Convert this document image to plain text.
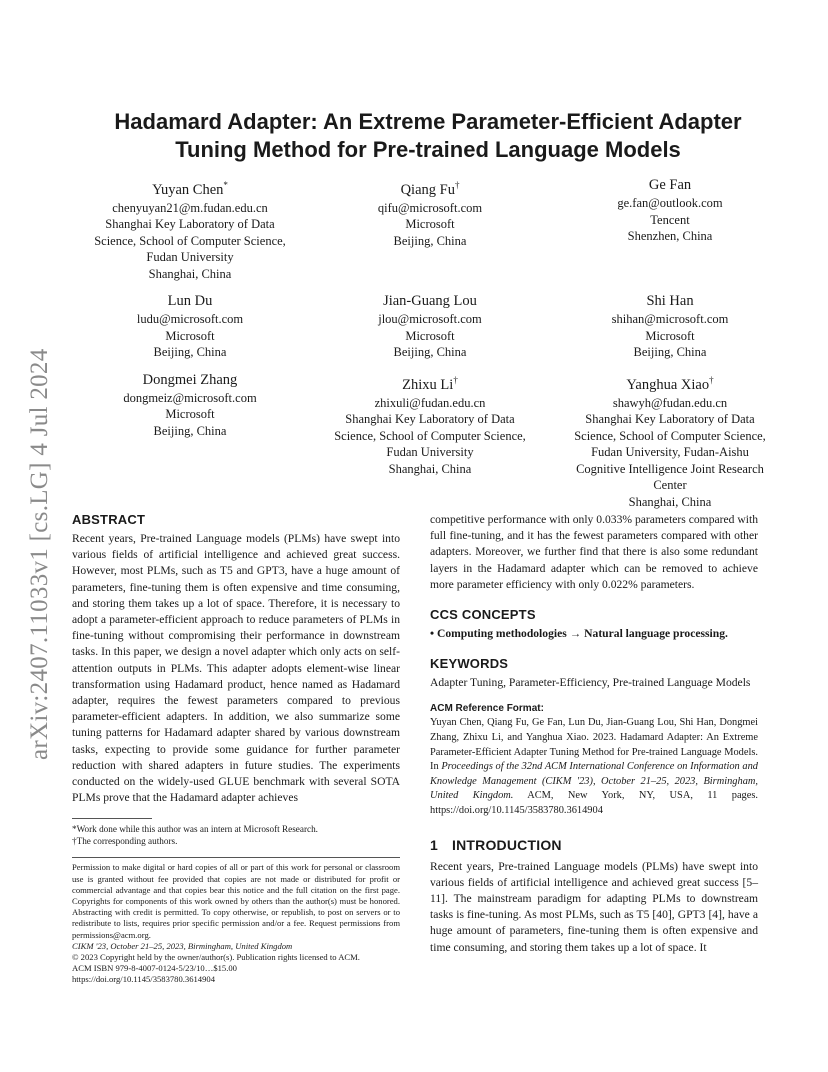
arXiv:2407.11033v1 [cs.LG] 4 Jul 2024
Hadamard Adapter: An Extreme Parameter-Efficient Adapter
Tuning Method for Pre-trained Language Models
Yuyan Chen*
chenyuyan21@m.fudan.edu.cn
Shanghai Key Laboratory of Data
Science, School of Computer Science,
Fudan University
Shanghai, China
Qiang Fu†
qifu@microsoft.com
Microsoft
Beijing, China
Ge Fan
ge.fan@outlook.com
Tencent
Shenzhen, China
Lun Du
ludu@microsoft.com
Microsoft
Beijing, China
Jian-Guang Lou
jlou@microsoft.com
Microsoft
Beijing, China
Shi Han
shihan@microsoft.com
Microsoft
Beijing, China
Dongmei Zhang
dongmeiz@microsoft.com
Microsoft
Beijing, China
Zhixu Li†
zhixuli@fudan.edu.cn
Shanghai Key Laboratory of Data
Science, School of Computer Science,
Fudan University
Shanghai, China
Yanghua Xiao†
shawyh@fudan.edu.cn
Shanghai Key Laboratory of Data
Science, School of Computer Science,
Fudan University, Fudan-Aishu
Cognitive Intelligence Joint Research
Center
Shanghai, China
ABSTRACT

Recent years, Pre-trained Language models (PLMs) have swept into various fields of artificial intelligence and achieved great success. However, most PLMs, such as T5 and GPT3, have a huge amount of parameters, fine-tuning them is often expensive and time consuming, and storing them takes up a lot of space. Therefore, it is necessary to adopt a parameter-efficient approach to reduce parameters of PLMs in fine-tuning without compromising their performance in downstream tasks. In this paper, we design a novel adapter which only acts on self-attention outputs in PLMs. This adapter adopts element-wise linear transformation using Hadamard product, hence named as Hadamard adapter, requires the fewest parameters compared to previous parameter-efficient adapters. In addition, we also summarize some tuning patterns for Hadamard adapter shared by various downstream tasks, expecting to provide some guidance for further parameter reduction with shared adapters in future studies. The experiments conducted on the widely-used GLUE benchmark with several SOTA PLMs prove that the Hadamard adapter achieves

*Work done while this author was an intern at Microsoft Research.

†The corresponding authors.

Permission to make digital or hard copies of all or part of this work for personal or classroom use is granted without fee provided that copies are not made or distributed for profit or commercial advantage and that copies bear this notice and the full citation on the first page. Copyrights for components of this work owned by others than the author(s) must be honored. Abstracting with credit is permitted. To copy otherwise, or republish, to post on servers or to redistribute to lists, requires prior specific permission and/or a fee. Request permissions from permissions@acm.org.

CIKM '23, October 21–25, 2023, Birmingham, United Kingdom

© 2023 Copyright held by the owner/author(s). Publication rights licensed to ACM.

ACM ISBN 979-8-4007-0124-5/23/10…$15.00

https://doi.org/10.1145/3583780.3614904

competitive performance with only 0.033% parameters compared with full fine-tuning, and it has the fewest parameters compared with other adapters. Moreover, we further find that there is also some redundant layers in the Hadamard adapter which can be removed to achieve more parameter efficiency with only 0.022% parameters.

CCS CONCEPTS

• Computing methodologies → Natural language processing.

KEYWORDS

Adapter Tuning, Parameter-Efficiency, Pre-trained Language Models

ACM Reference Format:

Yuyan Chen, Qiang Fu, Ge Fan, Lun Du, Jian-Guang Lou, Shi Han, Dongmei Zhang, Zhixu Li, and Yanghua Xiao. 2023. Hadamard Adapter: An Extreme Parameter-Efficient Adapter Tuning Method for Pre-trained Language Models. In Proceedings of the 32nd ACM International Conference on Information and Knowledge Management (CIKM '23), October 21–25, 2023, Birmingham, United Kingdom. ACM, New York, NY, USA, 11 pages. https://doi.org/10.1145/3583780.3614904

1 INTRODUCTION

Recent years, Pre-trained Language models (PLMs) have swept into various fields of artificial intelligence and achieved great success [5–11]. The mainstream paradigm for adapting PLMs to downstream tasks is fine-tuning. As most PLMs, such as T5 [40], GPT3 [4], have a huge amount of parameters, fine-tuning them is often expensive and time consuming, and storing them takes up a lot of space. It
